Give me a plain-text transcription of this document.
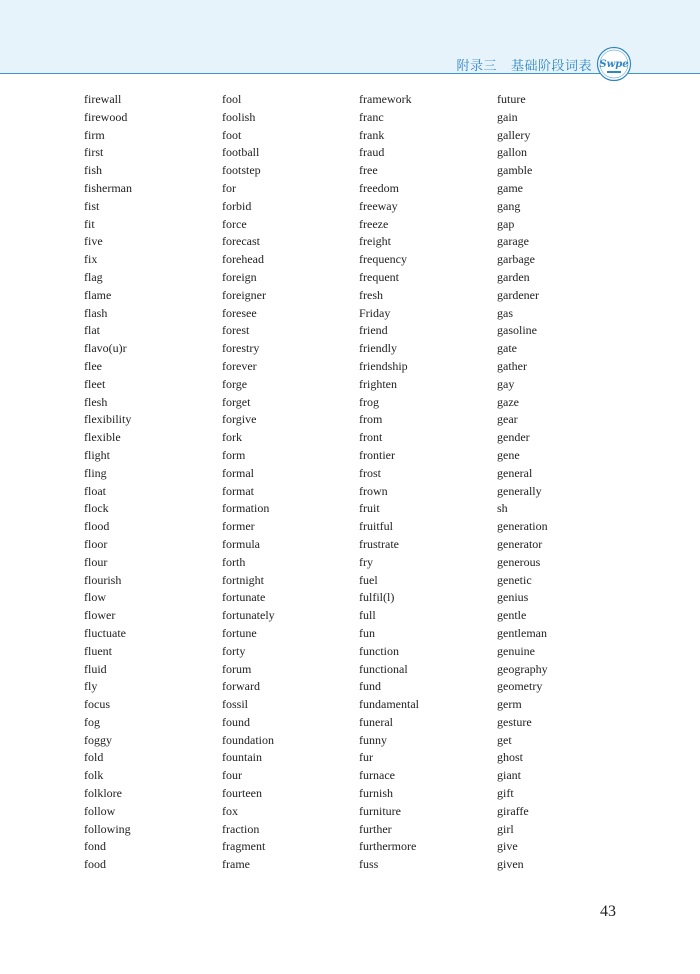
附录三 基础阶段词表 Swpe
firewall
firewood
firm
first
fish
fisherman
fist
fit
five
fix
flag
flame
flash
flat
flavo(u)r
flee
fleet
flesh
flexibility
flexible
flight
fling
float
flock
flood
floor
flour
flourish
flow
flower
fluctuate
fluent
fluid
fly
focus
fog
foggy
fold
folk
folklore
follow
following
fond
food
fool
foolish
foot
football
footstep
for
forbid
force
forecast
forehead
foreign
foreigner
foresee
forest
forestry
forever
forge
forget
forgive
fork
form
formal
format
formation
former
formula
forth
fortnight
fortunate
fortunately
fortune
forty
forum
forward
fossil
found
foundation
fountain
four
fourteen
fox
fraction
fragment
frame
framework
franc
frank
fraud
free
freedom
freeway
freeze
freight
frequency
frequent
fresh
Friday
friend
friendly
friendship
frighten
frog
from
front
frontier
frost
frown
fruit
fruitful
frustrate
fry
fuel
fulfil(l)
full
fun
function
functional
fund
fundamental
funeral
funny
fur
furnace
furnish
furniture
further
furthermore
fuss
future
gain
gallery
gallon
gamble
game
gang
gap
garage
garbage
garden
gardener
gas
gasoline
gate
gather
gay
gaze
gear
gender
gene
general
generally
sh
generation
generator
generous
genetic
genius
gentle
gentleman
genuine
geography
geometry
germ
gesture
get
ghost
giant
gift
giraffe
girl
give
given
43
